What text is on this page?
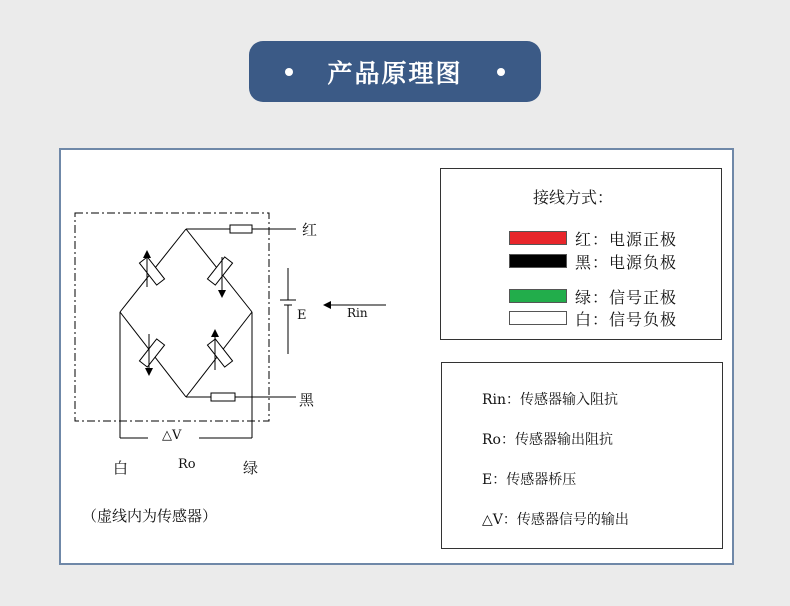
产品原理图
红
黑
白	Ro	绿
△V
E	Rin
（虚线内为传感器）
接线方式：
红：电源正极
黑：电源负极
绿：信号正极
白：信号负极
Rin：传感器输入阻抗
Ro：传感器输出阻抗
E：传感器桥压
△V：传感器信号的输出
